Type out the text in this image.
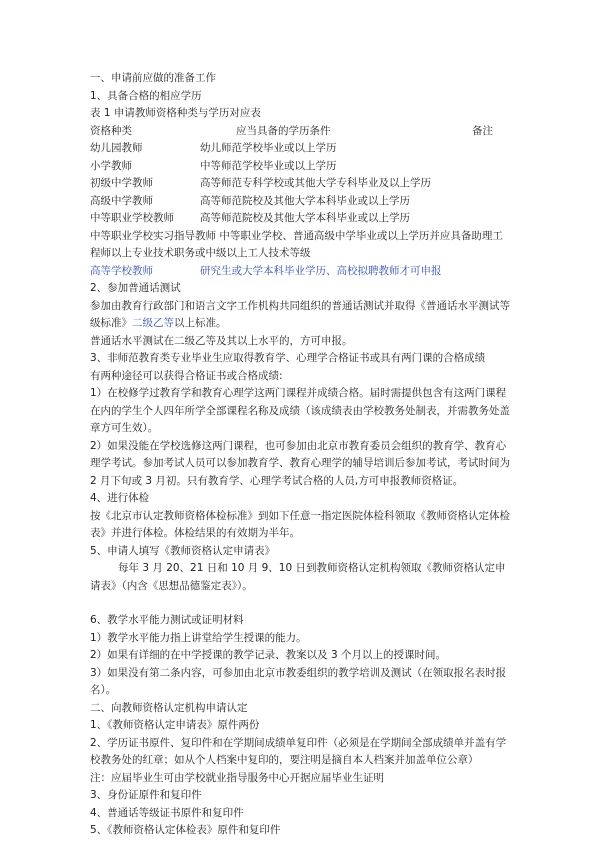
一、申请前应做的准备工作
1、具备合格的相应学历
表 1 申请教师资格种类与学历对应表
资格种类	应当具备的学历条件	备注
幼儿园教师	幼儿师范学校毕业或以上学历
小学教师	中等师范学校毕业或以上学历
初级中学教师	高等师范专科学校或其他大学专科毕业及以上学历
高级中学教师	高等师范院校及其他大学本科毕业或以上学历
中等职业学校教师	高等师范院校及其他大学本科毕业或以上学历
中等职业学校实习指导教师 中等职业学校、普通高级中学毕业或以上学历并应具备助理工程师以上专业技术职务或中级以上工人技术等级
高等学校教师	研究生或大学本科毕业学历、高校拟聘教师才可申报
2、参加普通话测试
参加由教育行政部门和语言文字工作机构共同组织的普通话测试并取得《普通话水平测试等级标准》二级乙等以上标准。
普通话水平测试在二级乙等及其以上水平的，方可申报。
3、非师范教育类专业毕业生应取得教育学、心理学合格证书或具有两门课的合格成绩
有两种途径可以获得合格证书或合格成绩:
1）在校修学过教育学和教育心理学这两门课程并成绩合格。届时需提供包含有这两门课程在内的学生个人四年所学全部课程名称及成绩（该成绩表由学校教务处制表，并需教务处盖章方可生效）。
2）如果没能在学校选修这两门课程，也可参加由北京市教育委员会组织的教育学、教育心理学考试。参加考试人员可以参加教育学、教育心理学的辅导培训后参加考试，考试时间为 2 月下旬或 3 月初。只有教育学、心理学考试合格的人员,方可申报教师资格证。
4、进行体检
按《北京市认定教师资格体检标准》到如下任意一指定医院体检科领取《教师资格认定体检表》并进行体检。体检结果的有效期为半年。
5、申请人填写《教师资格认定申请表》
每年 3 月 20、21 日和 10 月 9、10 日到教师资格认定机构领取《教师资格认定申请表》（内含《思想品德鉴定表》）。
6、教学水平能力测试或证明材料
1）教学水平能力指上讲堂给学生授课的能力。
2）如果有详细的在中学授课的教学记录、教案以及 3 个月以上的授课时间。
3）如果没有第二条内容，可参加由北京市教委组织的教学培训及测试（在领取报名表时报名）。
二、向教师资格认定机构申请认定
1、《教师资格认定申请表》原件两份
2、学历证书原件、复印件和在学期间成绩单复印件（必须是在学期间全部成绩单并盖有学校教务处的红章；如从个人档案中复印的，要注明是摘自本人档案并加盖单位公章）
注：应届毕业生可由学校就业指导服务中心开据应届毕业生证明
3、身份证原件和复印件
4、普通话等级证书原件和复印件
5、《教师资格认定体检表》原件和复印件
